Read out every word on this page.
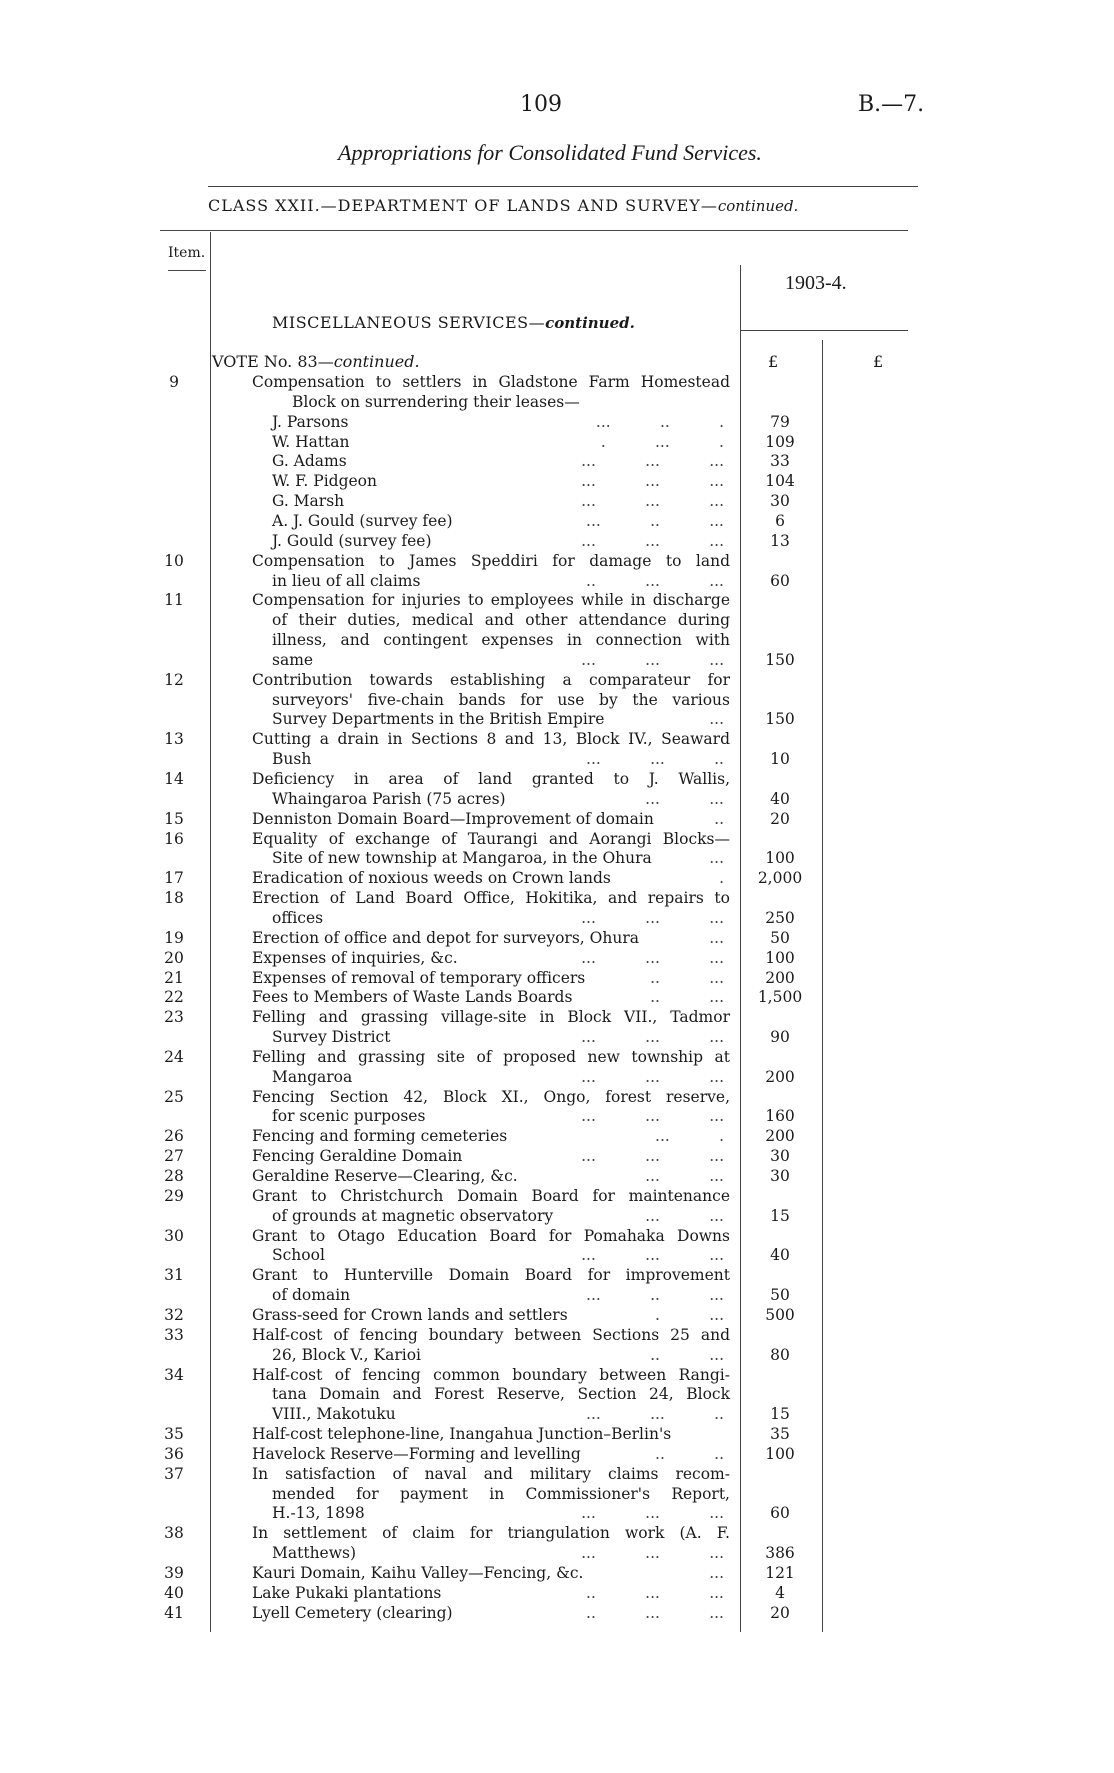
109	B.—7.
Appropriations for Consolidated Fund Services.
CLASS XXII.—DEPARTMENT OF LANDS AND SURVEY—continued.
Item.
1903-4.
MISCELLANEOUS SERVICES—continued.
VOTE No. 83—continued.	£	£
9	Compensation to settlers in Gladstone Farm Homestead
Block on surrendering their leases—
J. Parsons	...          ..          .	79
W. Hattan	.          ...          .	109
G. Adams	...          ...          ...	33
W. F. Pidgeon	...          ...          ...	104
G. Marsh	...          ...          ...	30
A. J. Gould (survey fee)	...          ..          ...	6
J. Gould (survey fee)	...          ...          ...	13
10	Compensation to James Speddiri for damage to land
in lieu of all claims	..          ...          ...	60
11	Compensation for injuries to employees while in discharge
of their duties, medical and other attendance during
illness, and contingent expenses in connection with
same	...          ...          ...	150
12	Contribution towards establishing a comparateur for
surveyors' five-chain bands for use by the various
Survey Departments in the British Empire	...	150
13	Cutting a drain in Sections 8 and 13, Block IV., Seaward
Bush	...          ...          ..	10
14	Deficiency in area of land granted to J. Wallis,
Whaingaroa Parish (75 acres)	...          ...	40
15	Denniston Domain Board—Improvement of domain	..	20
16	Equality of exchange of Taurangi and Aorangi Blocks—
Site of new township at Mangaroa, in the Ohura	...	100
17	Eradication of noxious weeds on Crown lands	.	2,000
18	Erection of Land Board Office, Hokitika, and repairs to
offices	...          ...          ...	250
19	Erection of office and depot for surveyors, Ohura	...	50
20	Expenses of inquiries, &c.	...          ...          ...	100
21	Expenses of removal of temporary officers	..          ...	200
22	Fees to Members of Waste Lands Boards	..          ...	1,500
23	Felling and grassing village-site in Block VII., Tadmor
Survey District	...          ...          ...	90
24	Felling and grassing site of proposed new township at
Mangaroa	...          ...          ...	200
25	Fencing Section 42, Block XI., Ongo, forest reserve,
for scenic purposes	...          ...          ...	160
26	Fencing and forming cemeteries	...          .	200
27	Fencing Geraldine Domain	...          ...          ...	30
28	Geraldine Reserve—Clearing, &c.	...          ...	30
29	Grant to Christchurch Domain Board for maintenance
of grounds at magnetic observatory	...          ...	15
30	Grant to Otago Education Board for Pomahaka Downs
School	...          ...          ...	40
31	Grant to Hunterville Domain Board for improvement
of domain	...          ..          ...	50
32	Grass-seed for Crown lands and settlers	.          ...	500
33	Half-cost of fencing boundary between Sections 25 and
26, Block V., Karioi	..          ...	80
34	Half-cost of fencing common boundary between Rangi-
tana Domain and Forest Reserve, Section 24, Block
VIII., Makotuku	...          ...          ..	15
35	Half-cost telephone-line, Inangahua Junction–Berlin's	35
36	Havelock Reserve—Forming and levelling	..          ..	100
37	In satisfaction of naval and military claims recom-
mended for payment in Commissioner's Report,
H.-13, 1898	...          ...          ...	60
38	In settlement of claim for triangulation work (A. F.
Matthews)	...          ...          ...	386
39	Kauri Domain, Kaihu Valley—Fencing, &c.	...	121
40	Lake Pukaki plantations	..          ...          ...	4
41	Lyell Cemetery (clearing)	..          ...          ...	20
